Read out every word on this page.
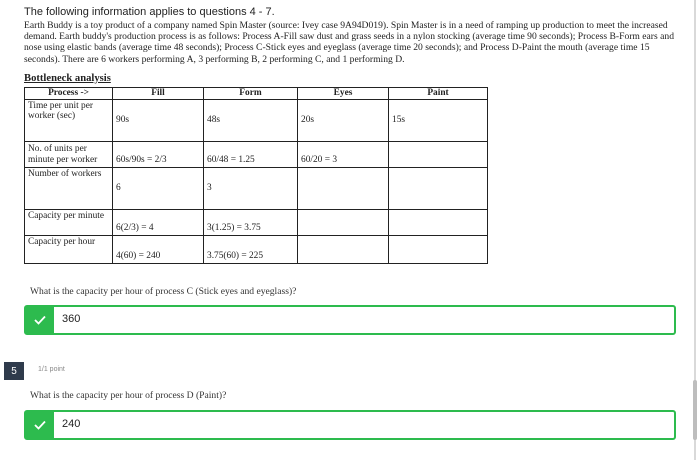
The following information applies to questions 4 - 7.
Earth Buddy is a toy product of a company named Spin Master (source: Ivey case 9A94D019). Spin Master is in a need of ramping up production to meet the increased demand. Earth buddy's production process is as follows: Process A-Fill saw dust and grass seeds in a nylon stocking (average time 90 seconds); Process B-Form ears and nose using elastic bands (average time 48 seconds); Process C-Stick eyes and eyeglass (average time 20 seconds); and Process D-Paint the mouth (average time 15 seconds). There are 6 workers performing A, 3 performing B, 2 performing C, and 1 performing D.
Bottleneck analysis
Process ->	Fill	Form	Eyes	Paint
Time per unit per worker (sec)	90s	48s	20s	15s
No. of units per minute per worker	60s/90s = 2/3	60/48 = 1.25	60/20 = 3	
Number of workers	6	3		
Capacity per minute	6(2/3) = 4	3(1.25) = 3.75		
Capacity per hour	4(60) = 240	3.75(60) = 225		
What is the capacity per hour of process C (Stick eyes and eyeglass)?
360
5	1/1 point
What is the capacity per hour of process D (Paint)?
240
